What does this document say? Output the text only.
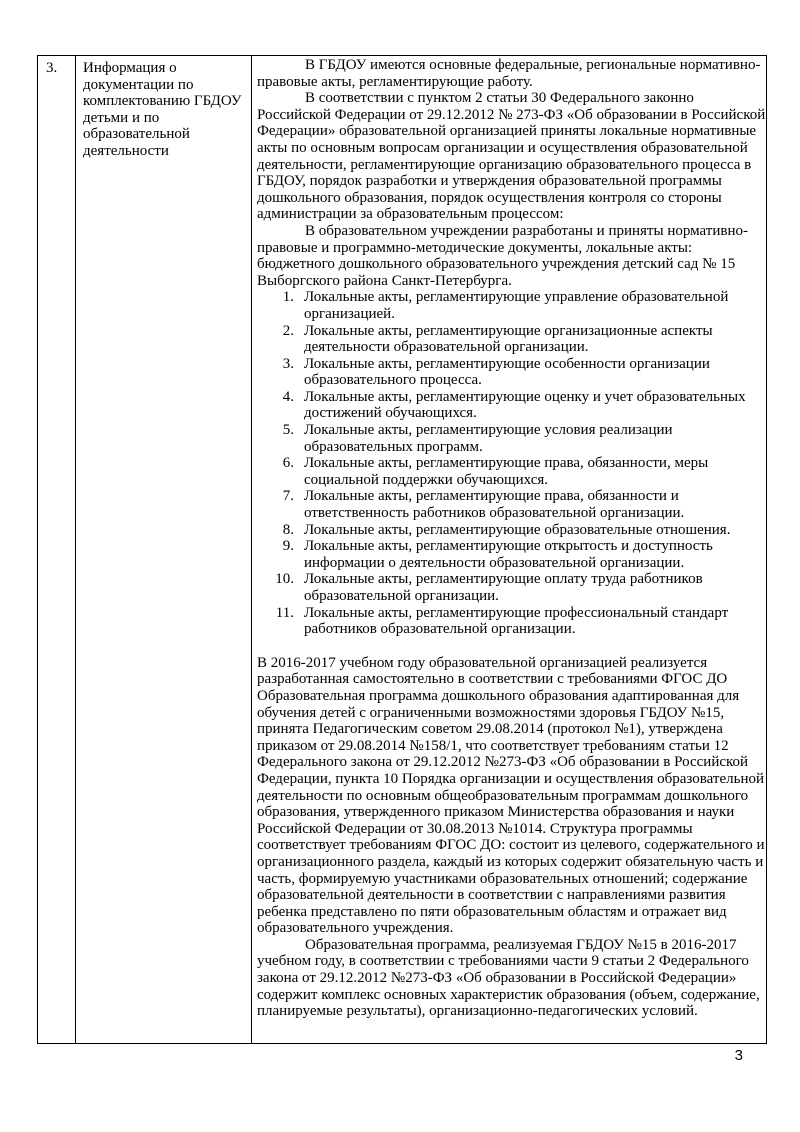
3. Информация о документации по комплектованию ГБДОУ детьми и по образовательной деятельности

В ГБДОУ имеются основные федеральные, региональные нормативно-правовые акты, регламентирующие работу.

В соответствии с пунктом 2 статьи 30 Федерального законно Российской Федерации от 29.12.2012 № 273-ФЗ «Об образовании в Российской Федерации» образовательной организацией приняты локальные нормативные акты по основным вопросам организации и осуществления образовательной деятельности, регламентирующие организацию образовательного процесса в ГБДОУ, порядок разработки и утверждения образовательной программы дошкольного образования, порядок осуществления контроля со стороны администрации за образовательным процессом:

В образовательном учреждении разработаны и приняты нормативно-правовые и программно-методические документы, локальные акты:

бюджетного дошкольного образовательного учреждения детский сад № 15 Выборгского района Санкт-Петербурга.

1. Локальные акты, регламентирующие управление образовательной организацией.
2. Локальные акты, регламентирующие организационные аспекты деятельности образовательной организации.
3. Локальные акты, регламентирующие особенности организации образовательного процесса.
4. Локальные акты, регламентирующие оценку и учет образовательных достижений обучающихся.
5. Локальные акты, регламентирующие условия реализации образовательных программ.
6. Локальные акты, регламентирующие права, обязанности, меры социальной поддержки обучающихся.
7. Локальные акты, регламентирующие права, обязанности и ответственность работников образовательной организации.
8. Локальные акты, регламентирующие образовательные отношения.
9. Локальные акты, регламентирующие открытость и доступность информации о деятельности образовательной организации.
10. Локальные акты, регламентирующие оплату труда работников образовательной организации.
11. Локальные акты, регламентирующие профессиональный стандарт работников образовательной организации.

В 2016-2017 учебном году образовательной организацией реализуется разработанная самостоятельно в соответствии с требованиями ФГОС ДО Образовательная программа дошкольного образования адаптированная для обучения детей с ограниченными возможностями здоровья ГБДОУ №15, принята Педагогическим советом 29.08.2014 (протокол №1), утверждена приказом от 29.08.2014 №158/1, что соответствует требованиям статьи 12 Федерального закона от 29.12.2012 №273-ФЗ «Об образовании в Российской Федерации, пункта 10 Порядка организации и осуществления образовательной деятельности по основным общеобразовательным программам дошкольного образования, утвержденного приказом Министерства образования и науки Российской Федерации от 30.08.2013 №1014. Структура программы соответствует требованиям ФГОС ДО: состоит из целевого, содержательного и организационного раздела, каждый из которых содержит обязательную часть и часть, формируемую участниками образовательных отношений; содержание образовательной деятельности в соответствии с направлениями развития ребенка представлено по пяти образовательным областям и отражает вид образовательного учреждения.

Образовательная программа, реализуемая ГБДОУ №15 в 2016-2017 учебном году, в соответствии с требованиями части 9 статьи 2 Федерального закона от 29.12.2012 №273-ФЗ «Об образовании в Российской Федерации» содержит комплекс основных характеристик образования (объем, содержание, планируемые результаты), организационно-педагогических условий.

3
